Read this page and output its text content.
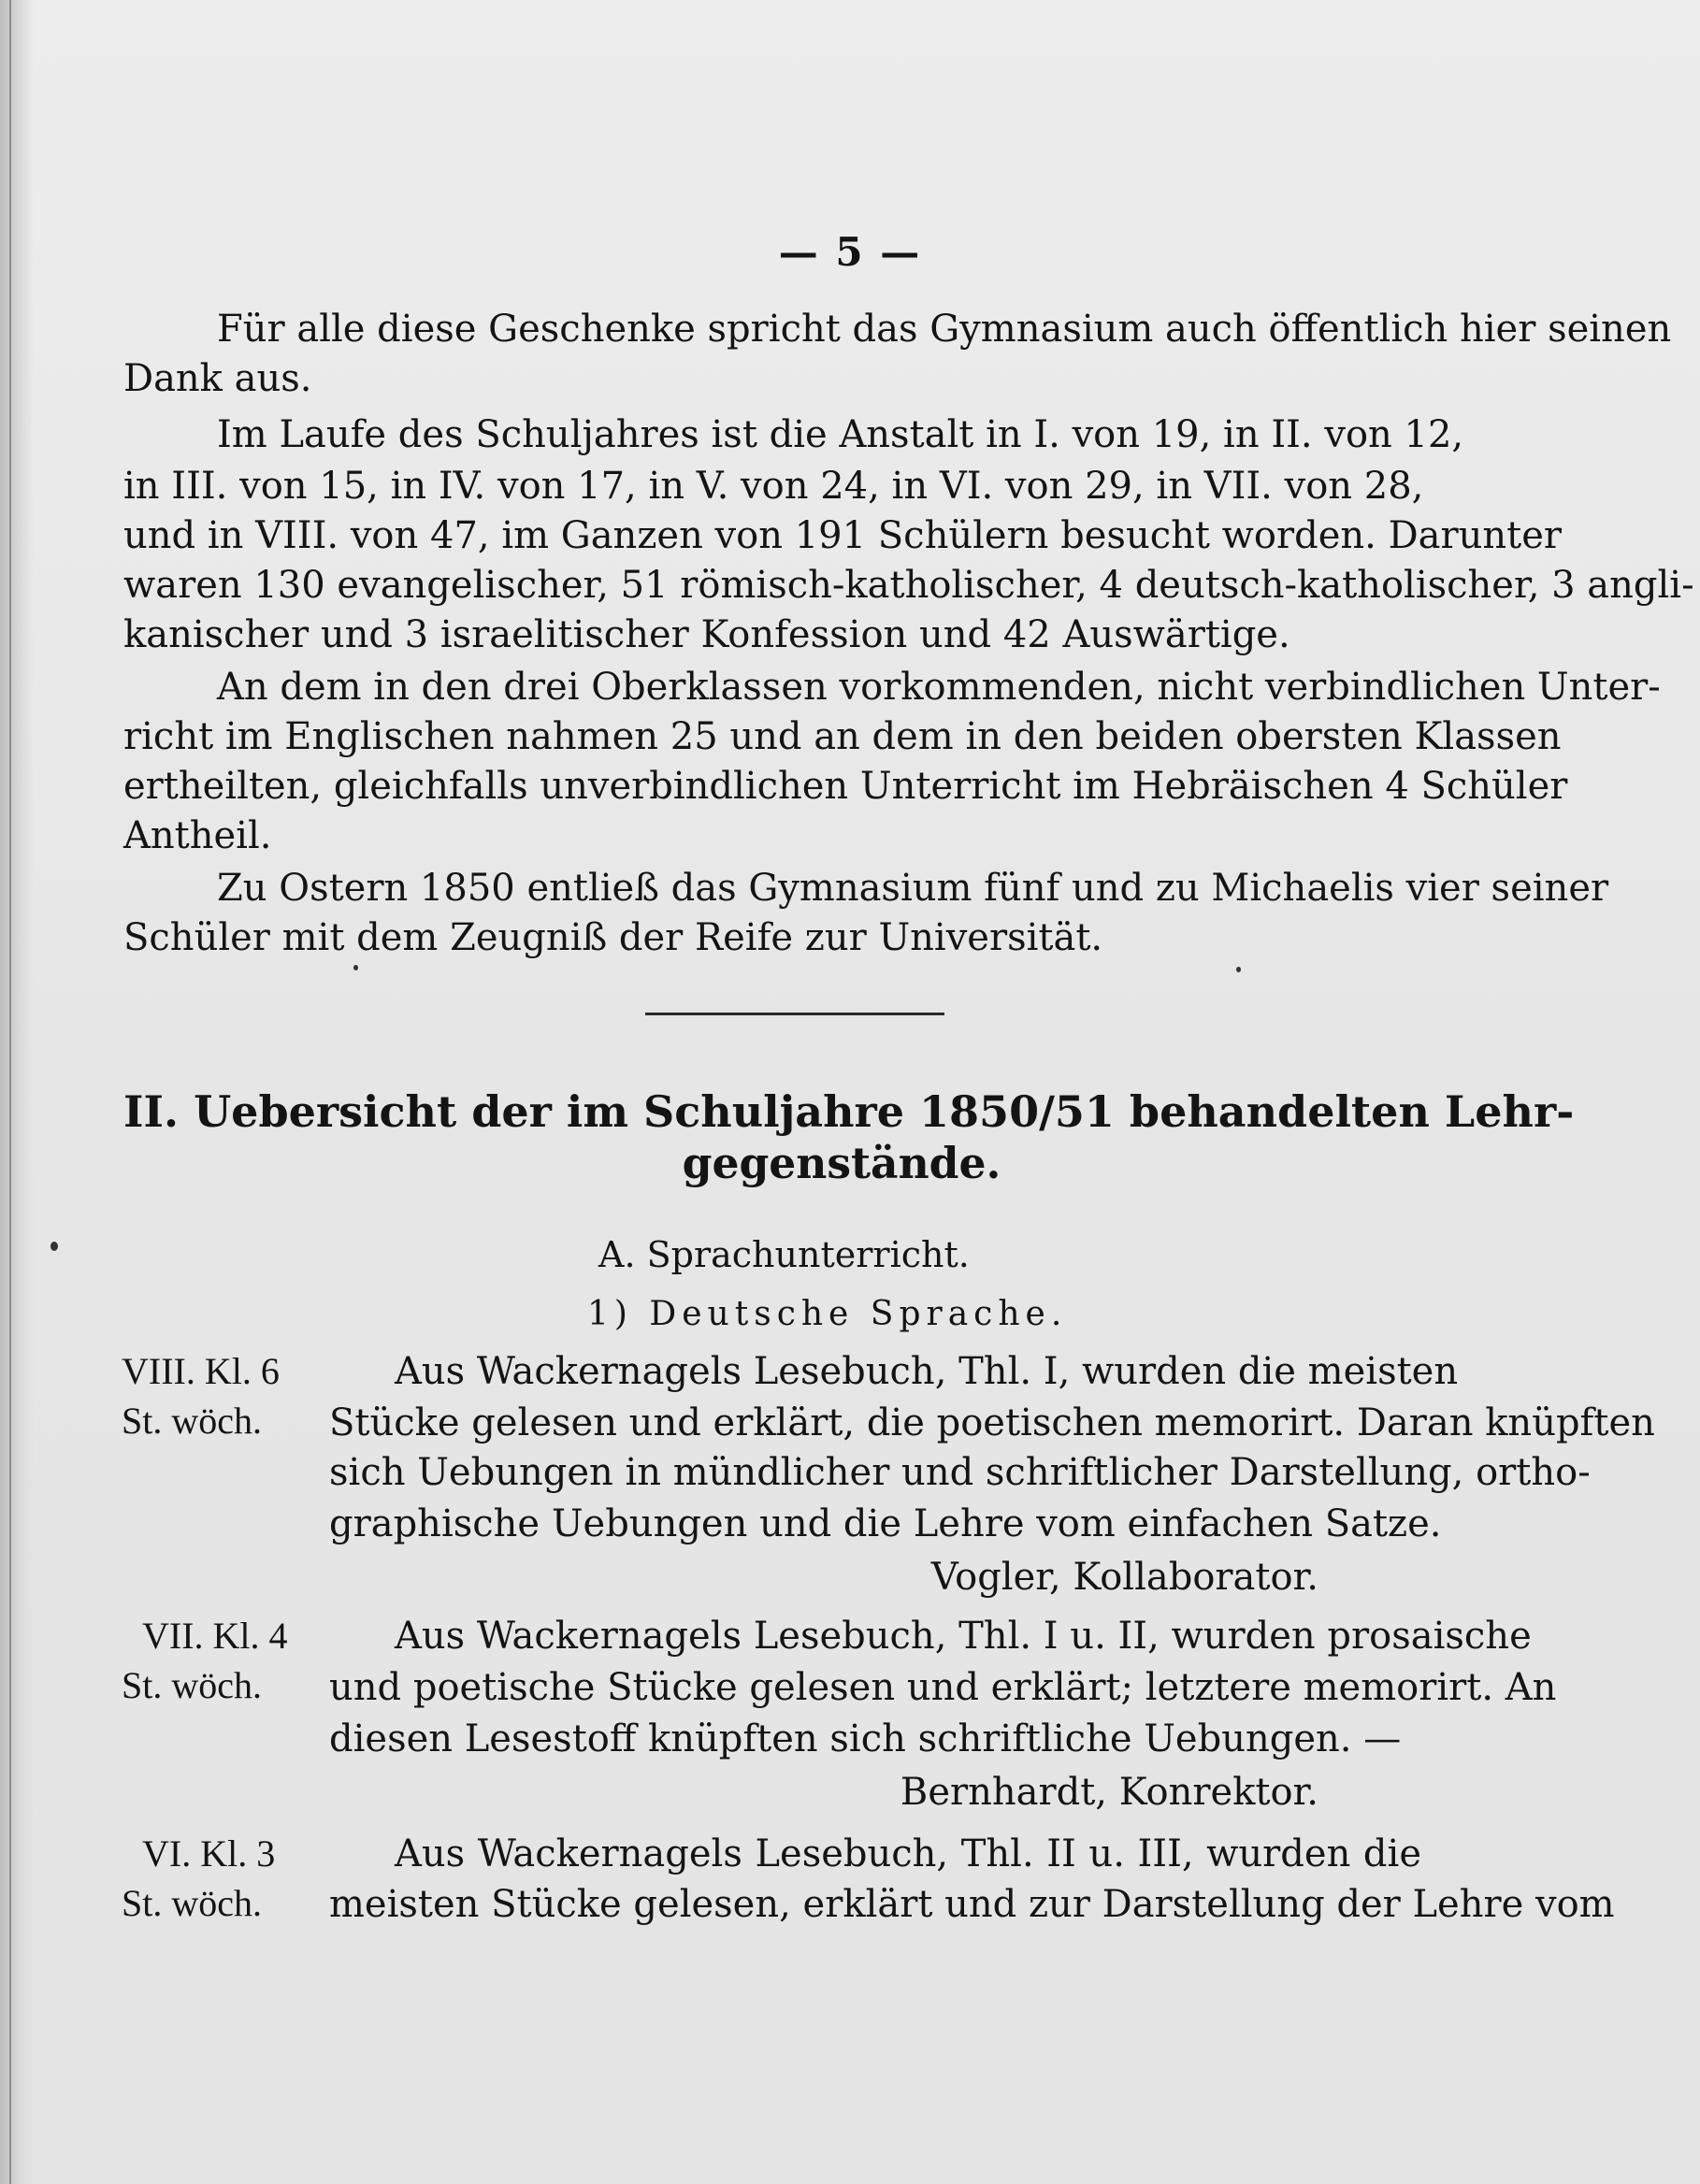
— 5 —
Für alle diese Geschenke spricht das Gymnasium auch öffentlich hier seinen
Dank aus.
Im Laufe des Schuljahres ist die Anstalt in I. von 19, in II. von 12,
in III. von 15, in IV. von 17, in V. von 24, in VI. von 29, in VII. von 28,
und in VIII. von 47, im Ganzen von 191 Schülern besucht worden. Darunter
waren 130 evangelischer, 51 römisch-katholischer, 4 deutsch-katholischer, 3 angli-
kanischer und 3 israelitischer Konfession und 42 Auswärtige.
An dem in den drei Oberklassen vorkommenden, nicht verbindlichen Unter-
richt im Englischen nahmen 25 und an dem in den beiden obersten Klassen
ertheilten, gleichfalls unverbindlichen Unterricht im Hebräischen 4 Schüler
Antheil.
Zu Ostern 1850 entließ das Gymnasium fünf und zu Michaelis vier seiner
Schüler mit dem Zeugniß der Reife zur Universität.
II. Uebersicht der im Schuljahre 1850/51 behandelten Lehr-
gegenstände.
A. Sprachunterricht.
1) Deutsche Sprache.
VIII. Kl. 6
St. wöch.
Aus Wackernagels Lesebuch, Thl. I, wurden die meisten
Stücke gelesen und erklärt, die poetischen memorirt. Daran knüpften
sich Uebungen in mündlicher und schriftlicher Darstellung, ortho-
graphische Uebungen und die Lehre vom einfachen Satze.
Vogler, Kollaborator.
VII. Kl. 4
St. wöch.
Aus Wackernagels Lesebuch, Thl. I u. II, wurden prosaische
und poetische Stücke gelesen und erklärt; letztere memorirt. An
diesen Lesestoff knüpften sich schriftliche Uebungen. —
Bernhardt, Konrektor.
VI. Kl. 3
St. wöch.
Aus Wackernagels Lesebuch, Thl. II u. III, wurden die
meisten Stücke gelesen, erklärt und zur Darstellung der Lehre vom
